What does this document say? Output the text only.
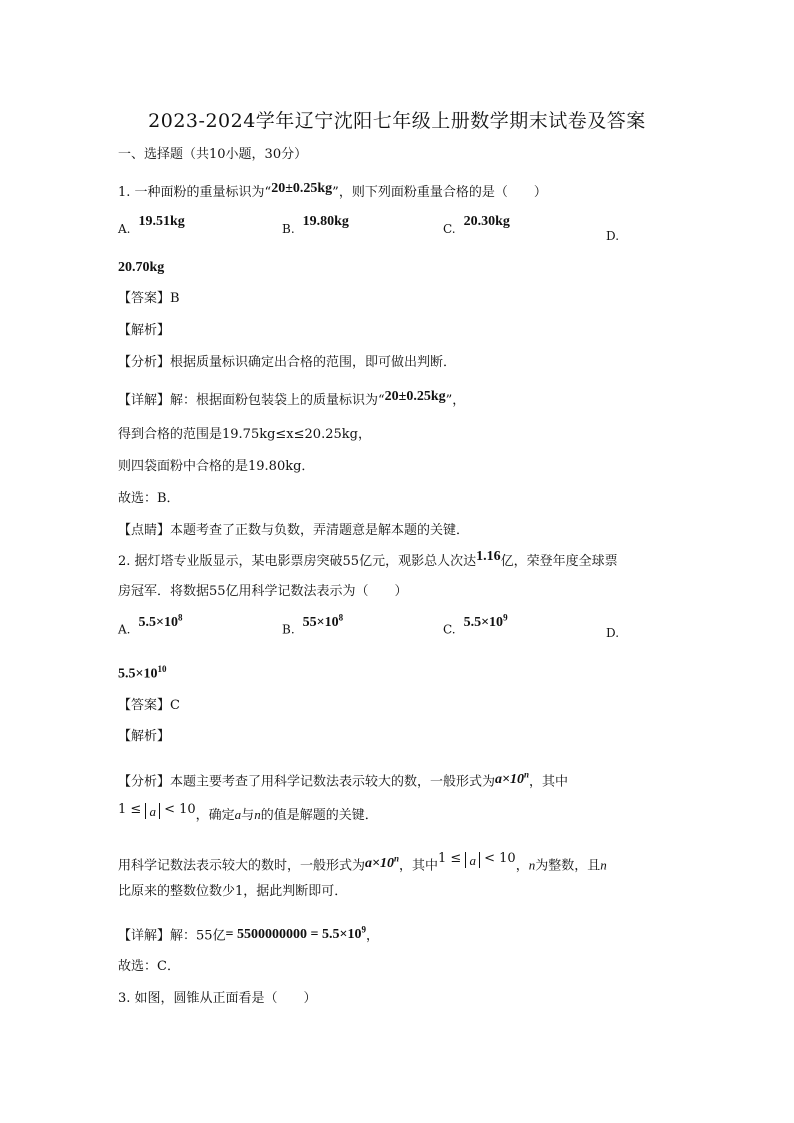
2023-2024学年辽宁沈阳七年级上册数学期末试卷及答案
一、选择题（共10小题，30分）
1. 一种面粉的重量标识为“20±0.25kg”，则下列面粉重量合格的是（　　）
A. 19.51kg	B. 19.80kg	C. 20.30kg
D.
20.70kg
【答案】B
【解析】
【分析】根据质量标识确定出合格的范围，即可做出判断．
【详解】解：根据面粉包装袋上的质量标识为“20±0.25kg”，
得到合格的范围是19.75kg≤x≤20.25kg，
则四袋面粉中合格的是19.80kg．
故选：B．
【点睛】本题考查了正数与负数，弄清题意是解本题的关键．
2. 据灯塔专业版显示，某电影票房突破55亿元，观影总人次达1.16亿，荣登年度全球票
房冠军．将数据55亿用科学记数法表示为（　　）
A. $5.5\times 10^8$
B. $55\times 10^8$
C. $5.5\times 10^9$
D.
$5.5\times 10^{10}$
【答案】C
【解析】
【分析】本题主要考查了用科学记数法表示较大的数，一般形式为$a\times 10^n$，其中
1 ≤ a < 10，确定a与n的值是解题的关键．
用科学记数法表示较大的数时，一般形式为$a\times 10^n$，其中1 ≤ a < 10，n为整数，且n
比原来的整数位数少1，据此判断即可．
【详解】解：55亿= $5500000000 = 5.5\times 10^9$，
故选：C．
3. 如图，圆锥从正面看是（　　）
